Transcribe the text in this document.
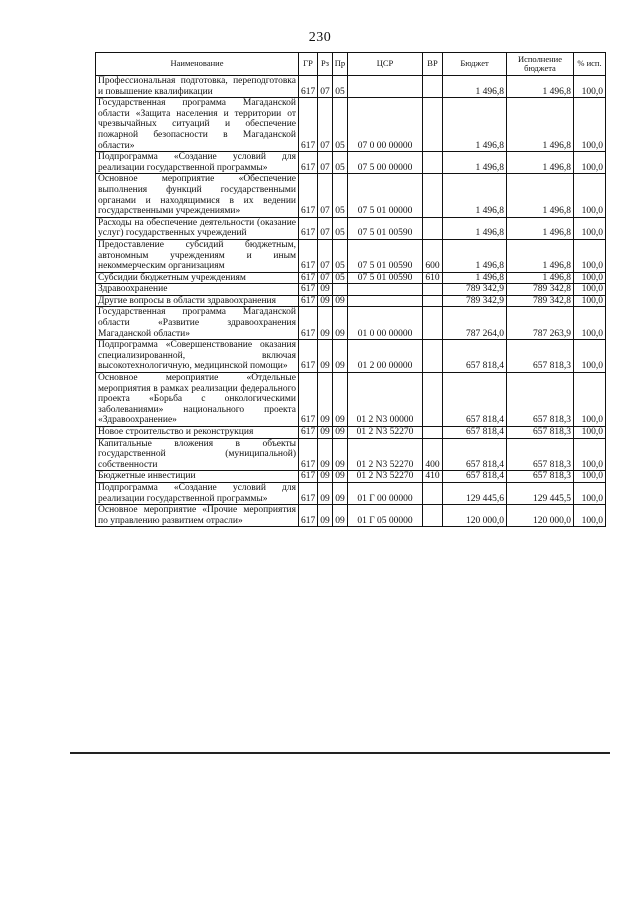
230
Наименование	ГР	Рз	Пр	ЦСР	ВР	Бюджет	Исполнение бюджета	% исп.
Профессиональная подготовка, переподготовка и повышение квалификации	617	07	05			1 496,8	1 496,8	100,0
Государственная программа Магаданской области «Защита населения и территории от чрезвычайных ситуаций и обеспечение пожарной безопасности в Магаданской области»	617	07	05	07 0 00 00000		1 496,8	1 496,8	100,0
Подпрограмма «Создание условий для реализации государственной программы»	617	07	05	07 5 00 00000		1 496,8	1 496,8	100,0
Основное мероприятие «Обеспечение выполнения функций государственными органами и находящимися в их ведении государственными учреждениями»	617	07	05	07 5 01 00000		1 496,8	1 496,8	100,0
Расходы на обеспечение деятельности (оказание услуг) государственных учреждений	617	07	05	07 5 01 00590		1 496,8	1 496,8	100,0
Предоставление субсидий бюджетным, автономным учреждениям и иным некоммерческим организациям	617	07	05	07 5 01 00590	600	1 496,8	1 496,8	100,0
Субсидии бюджетным учреждениям	617	07	05	07 5 01 00590	610	1 496,8	1 496,8	100,0
Здравоохранение	617	09				789 342,9	789 342,8	100,0
Другие вопросы в области здравоохранения	617	09	09			789 342,9	789 342,8	100,0
Государственная программа Магаданской области «Развитие здравоохранения Магаданской области»	617	09	09	01 0 00 00000		787 264,0	787 263,9	100,0
Подпрограмма «Совершенствование оказания специализированной, включая высокотехнологичную, медицинской помощи»	617	09	09	01 2 00 00000		657 818,4	657 818,3	100,0
Основное мероприятие «Отдельные мероприятия в рамках реализации федерального проекта «Борьба с онкологическими заболеваниями» национального проекта «Здравоохранение»	617	09	09	01 2 N3 00000		657 818,4	657 818,3	100,0
Новое строительство и реконструкция	617	09	09	01 2 N3 52270		657 818,4	657 818,3	100,0
Капитальные вложения в объекты государственной (муниципальной) собственности	617	09	09	01 2 N3 52270	400	657 818,4	657 818,3	100,0
Бюджетные инвестиции	617	09	09	01 2 N3 52270	410	657 818,4	657 818,3	100,0
Подпрограмма «Создание условий для реализации государственной программы»	617	09	09	01 Г 00 00000		129 445,6	129 445,5	100,0
Основное мероприятие «Прочие мероприятия по управлению развитием отрасли»	617	09	09	01 Г 05 00000		120 000,0	120 000,0	100,0
